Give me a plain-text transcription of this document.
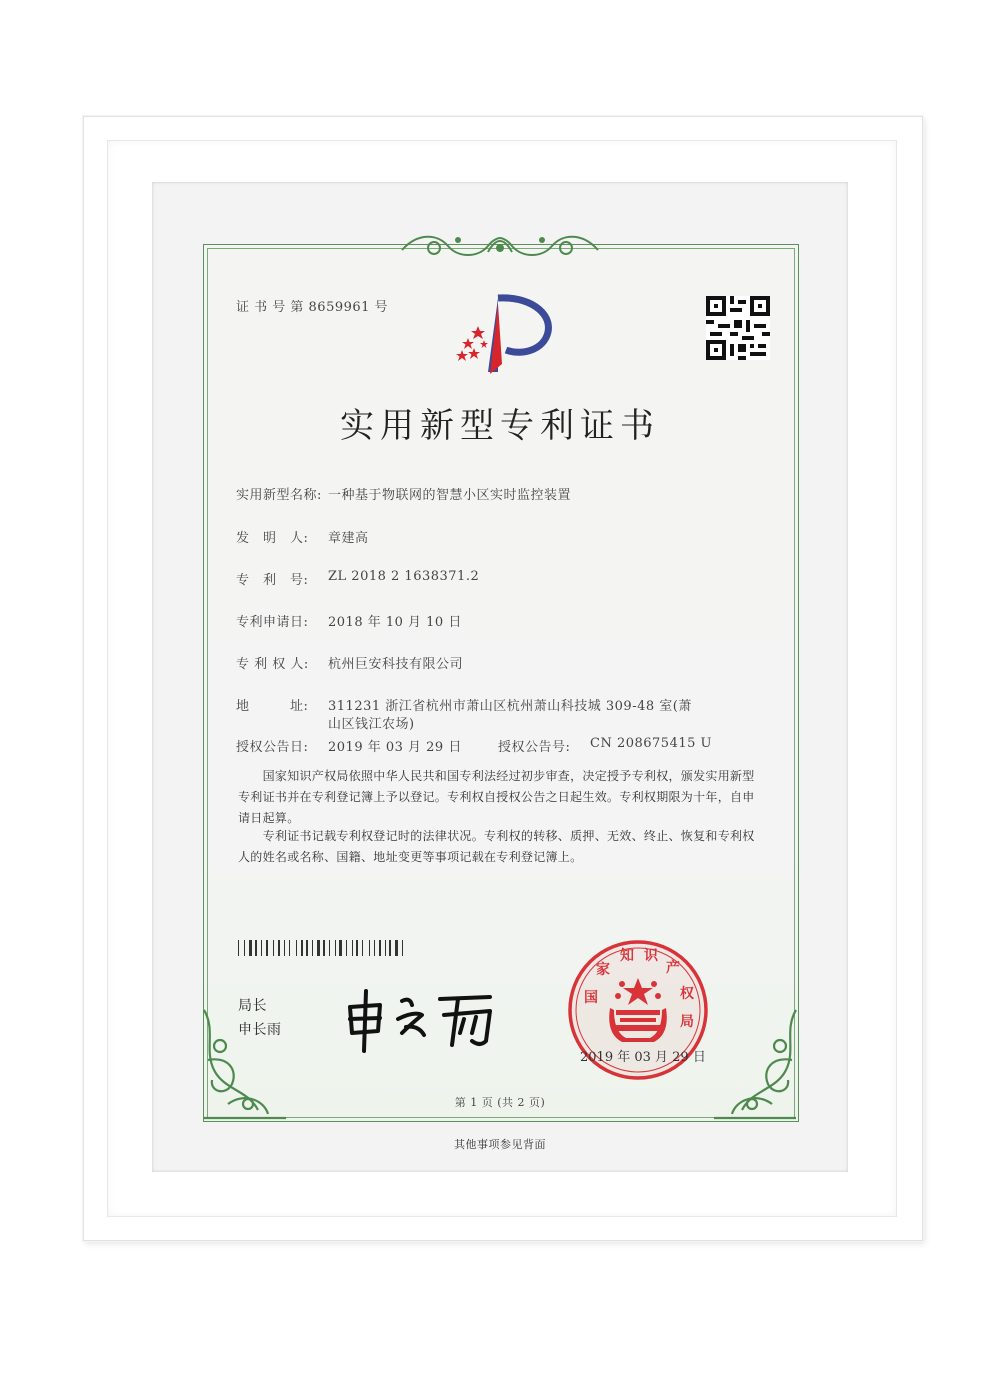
证 书 号 第 8659961 号
实用新型专利证书
实用新型名称: 一种基于物联网的智慧小区实时监控装置
发　明　人: 章建高
专　利　号: ZL 2018 2 1638371.2
专利申请日: 2018 年 10 月 10 日
专 利 权 人: 杭州巨安科技有限公司
地　　　址: 311231 浙江省杭州市萧山区杭州萧山科技城 309-48 室(萧
山区钱江农场)
授权公告日: 2019 年 03 月 29 日	授权公告号: CN 208675415 U
　　国家知识产权局依照中华人民共和国专利法经过初步审查，决定授予专利权，颁发实用新型专利证书并在专利登记簿上予以登记。专利权自授权公告之日起生效。专利权期限为十年，自申请日起算。
　　专利证书记载专利权登记时的法律状况。专利权的转移、质押、无效、终止、恢复和专利权人的姓名或名称、国籍、地址变更等事项记载在专利登记簿上。
局长
申长雨
国
家
知 识
产
权
局
2019 年 03 月 29 日
第 1 页 (共 2 页)
其他事项参见背面
